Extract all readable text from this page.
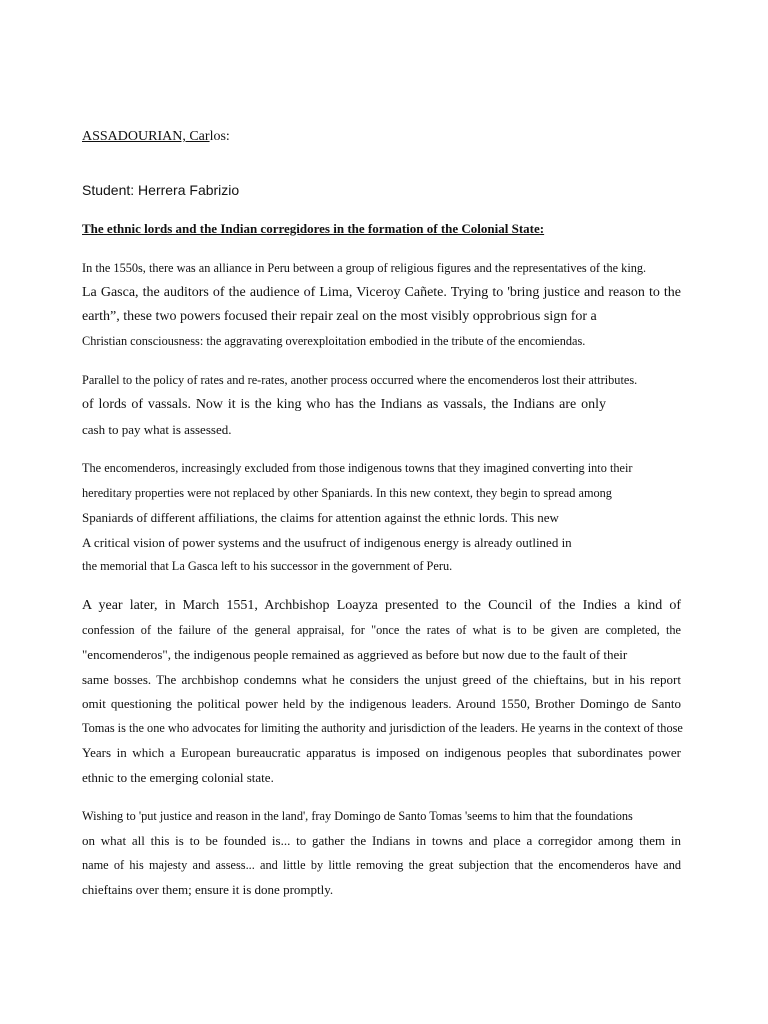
ASSADOURIAN, Carlos:
Student: Herrera Fabrizio
The ethnic lords and the Indian corregidores in the formation of the Colonial State:
In the 1550s, there was an alliance in Peru between a group of religious figures and the representatives of the king.
La Gasca, the auditors of the audience of Lima, Viceroy Cañete. Trying to 'bring justice and reason to the
earth”, these two powers focused their repair zeal on the most visibly opprobrious sign for a
Christian consciousness: the aggravating overexploitation embodied in the tribute of the encomiendas.
Parallel to the policy of rates and re-rates, another process occurred where the encomenderos lost their attributes.
of lords of vassals. Now it is the king who has the Indians as vassals, the Indians are only
cash to pay what is assessed.
The encomenderos, increasingly excluded from those indigenous towns that they imagined converting into their
hereditary properties were not replaced by other Spaniards. In this new context, they begin to spread among
Spaniards of different affiliations, the claims for attention against the ethnic lords. This new
A critical vision of power systems and the usufruct of indigenous energy is already outlined in
the memorial that La Gasca left to his successor in the government of Peru.
A year later, in March 1551, Archbishop Loayza presented to the Council of the Indies a kind of
confession of the failure of the general appraisal, for "once the rates of what is to be given are completed, the
"encomenderos", the indigenous people remained as aggrieved as before but now due to the fault of their
same bosses. The archbishop condemns what he considers the unjust greed of the chieftains, but in his report
omit questioning the political power held by the indigenous leaders. Around 1550, Brother Domingo de Santo
Tomas is the one who advocates for limiting the authority and jurisdiction of the leaders. He yearns in the context of those
Years in which a European bureaucratic apparatus is imposed on indigenous peoples that subordinates power
ethnic to the emerging colonial state.
Wishing to 'put justice and reason in the land', fray Domingo de Santo Tomas 'seems to him that the foundations
on what all this is to be founded is... to gather the Indians in towns and place a corregidor among them in
name of his majesty and assess... and little by little removing the great subjection that the encomenderos have and
chieftains over them; ensure it is done promptly.
